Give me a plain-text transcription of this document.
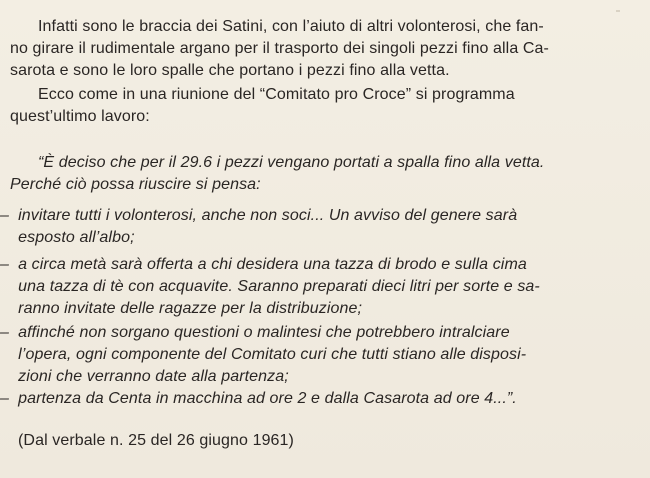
Infatti sono le braccia dei Satini, con l’aiuto di altri volonterosi, che fan-
no girare il rudimentale argano per il trasporto dei singoli pezzi fino alla Ca-
sarota e sono le loro spalle che portano i pezzi fino alla vetta.
Ecco come in una riunione del “Comitato pro Croce” si programma
quest’ultimo lavoro:
“È deciso che per il 29.6 i pezzi vengano portati a spalla fino alla vetta.
Perché ciò possa riuscire si pensa:
–  invitare tutti i volonterosi, anche non soci... Un avviso del genere sarà
esposto all’albo;
–  a circa metà sarà offerta a chi desidera una tazza di brodo e sulla cima
una tazza di tè con acquavite. Saranno preparati dieci litri per sorte e sa-
ranno invitate delle ragazze per la distribuzione;
–  affinché non sorgano questioni o malintesi che potrebbero intralciare
l’opera, ogni componente del Comitato curi che tutti stiano alle disposi-
zioni che verranno date alla partenza;
–  partenza da Centa in macchina ad ore 2 e dalla Casarota ad ore 4...”.
(Dal verbale n. 25 del 26 giugno 1961)
